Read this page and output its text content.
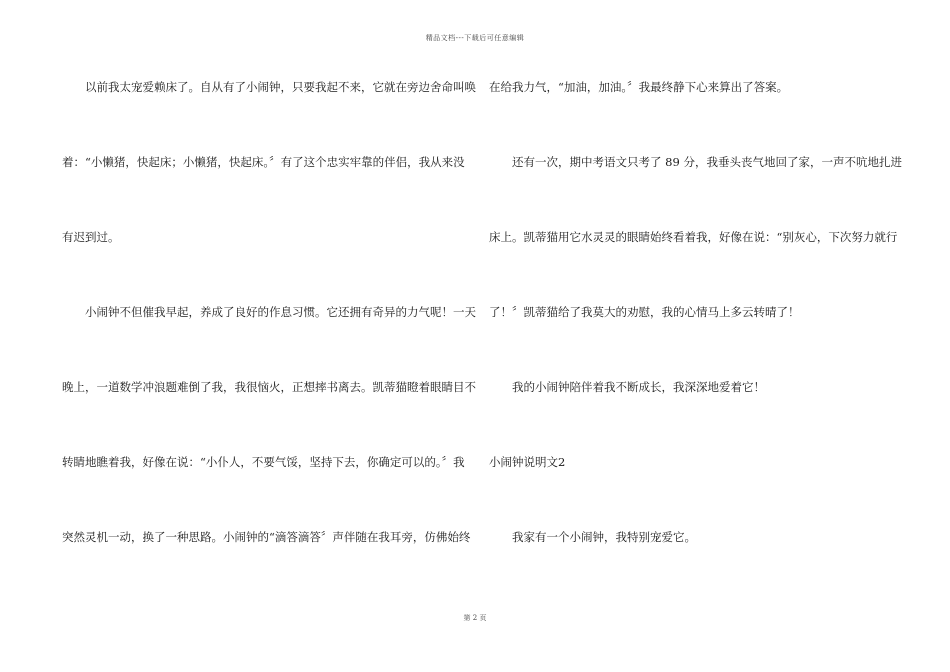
精品文档---下载后可任意编辑
　　以前我太宠爱赖床了。自从有了小闹钟，只要我起不来，它就在旁边舍命叫唤
着：“小懒猪，快起床；小懒猪，快起床。〞有了这个忠实牢靠的伴侣，我从来没
有迟到过。
　　小闹钟不但催我早起，养成了良好的作息习惯。它还拥有奇异的力气呢！一天
晚上，一道数学冲浪题难倒了我，我很恼火，正想摔书离去。凯蒂猫瞪着眼睛目不
转睛地瞧着我，好像在说：“小仆人，不要气馁，坚持下去，你确定可以的。〞我
突然灵机一动，换了一种思路。小闹钟的“滴答滴答〞声伴随在我耳旁，仿佛始终
在给我力气，“加油，加油。〞我最终静下心来算出了答案。
　　还有一次，期中考语文只考了 89 分，我垂头丧气地回了家，一声不吭地扎进
床上。凯蒂猫用它水灵灵的眼睛始终看着我，好像在说：“别灰心，下次努力就行
了！〞凯蒂猫给了我莫大的劝慰，我的心情马上多云转晴了！
　　我的小闹钟陪伴着我不断成长，我深深地爱着它！
小闹钟说明文2
　　我家有一个小闹钟，我特别宠爱它。
第 2 页
